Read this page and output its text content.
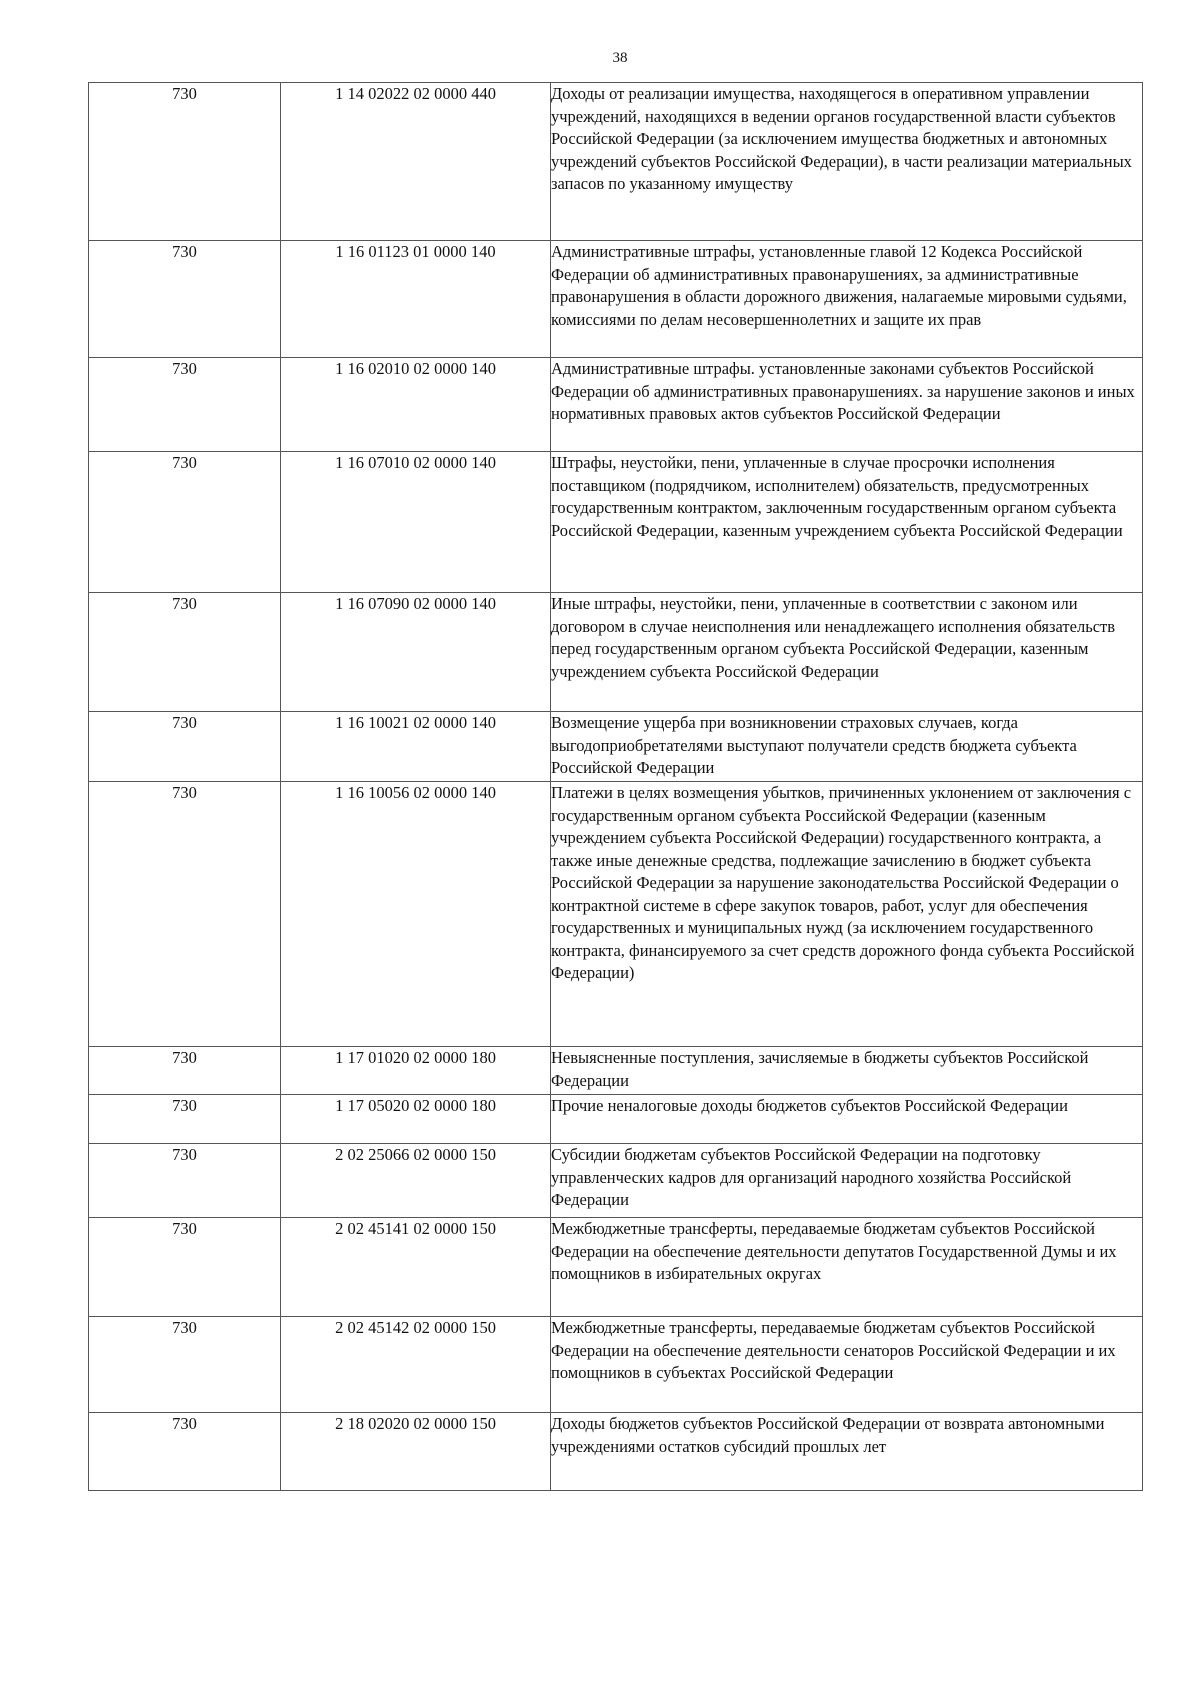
38
730	1 14 02022 02 0000 440	Доходы от реализации имущества, находящегося в оперативном управлении учреждений, находящихся в ведении органов государственной власти субъектов Российской Федерации (за исключением имущества бюджетных и автономных учреждений субъектов Российской Федерации), в части реализации материальных запасов по указанному имуществу
730	1 16 01123 01 0000 140	Административные штрафы, установленные главой 12 Кодекса Российской Федерации об административных правонарушениях, за административные правонарушения в области дорожного движения, налагаемые мировыми судьями, комиссиями по делам несовершеннолетних и защите их прав
730	1 16 02010 02 0000 140	Административные штрафы. установленные законами субъектов Российской Федерации об административных правонарушениях. за нарушение законов и иных нормативных правовых актов субъектов Российской Федерации
730	1 16 07010 02 0000 140	Штрафы, неустойки, пени, уплаченные в случае просрочки исполнения поставщиком (подрядчиком, исполнителем) обязательств, предусмотренных государственным контрактом, заключенным государственным органом субъекта Российской Федерации, казенным учреждением субъекта Российской Федерации
730	1 16 07090 02 0000 140	Иные штрафы, неустойки, пени, уплаченные в соответствии с законом или договором в случае неисполнения или ненадлежащего исполнения обязательств перед государственным органом субъекта Российской Федерации, казенным учреждением субъекта Российской Федерации
730	1 16 10021 02 0000 140	Возмещение ущерба при возникновении страховых случаев, когда выгодоприобретателями выступают получатели средств бюджета субъекта Российской Федерации
730	1 16 10056 02 0000 140	Платежи в целях возмещения убытков, причиненных уклонением от заключения с государственным органом субъекта Российской Федерации (казенным учреждением субъекта Российской Федерации) государственного контракта, а также иные денежные средства, подлежащие зачислению в бюджет субъекта Российской Федерации за нарушение законодательства Российской Федерации о контрактной системе в сфере закупок товаров, работ, услуг для обеспечения государственных и муниципальных нужд (за исключением государственного контракта, финансируемого за счет средств дорожного фонда субъекта Российской Федерации)
730	1 17 01020 02 0000 180	Невыясненные поступления, зачисляемые в бюджеты субъектов Российской Федерации
730	1 17 05020 02 0000 180	Прочие неналоговые доходы бюджетов субъектов Российской Федерации
730	2 02 25066 02 0000 150	Субсидии бюджетам субъектов Российской Федерации на подготовку управленческих кадров для организаций народного хозяйства Российской Федерации
730	2 02 45141 02 0000 150	Межбюджетные трансферты, передаваемые бюджетам субъектов Российской Федерации на обеспечение деятельности депутатов Государственной Думы и их помощников в избирательных округах
730	2 02 45142 02 0000 150	Межбюджетные трансферты, передаваемые бюджетам субъектов Российской Федерации на обеспечение деятельности сенаторов Российской Федерации и их помощников в субъектах Российской Федерации
730	2 18 02020 02 0000 150	Доходы бюджетов субъектов Российской Федерации от возврата автономными учреждениями остатков субсидий прошлых лет
